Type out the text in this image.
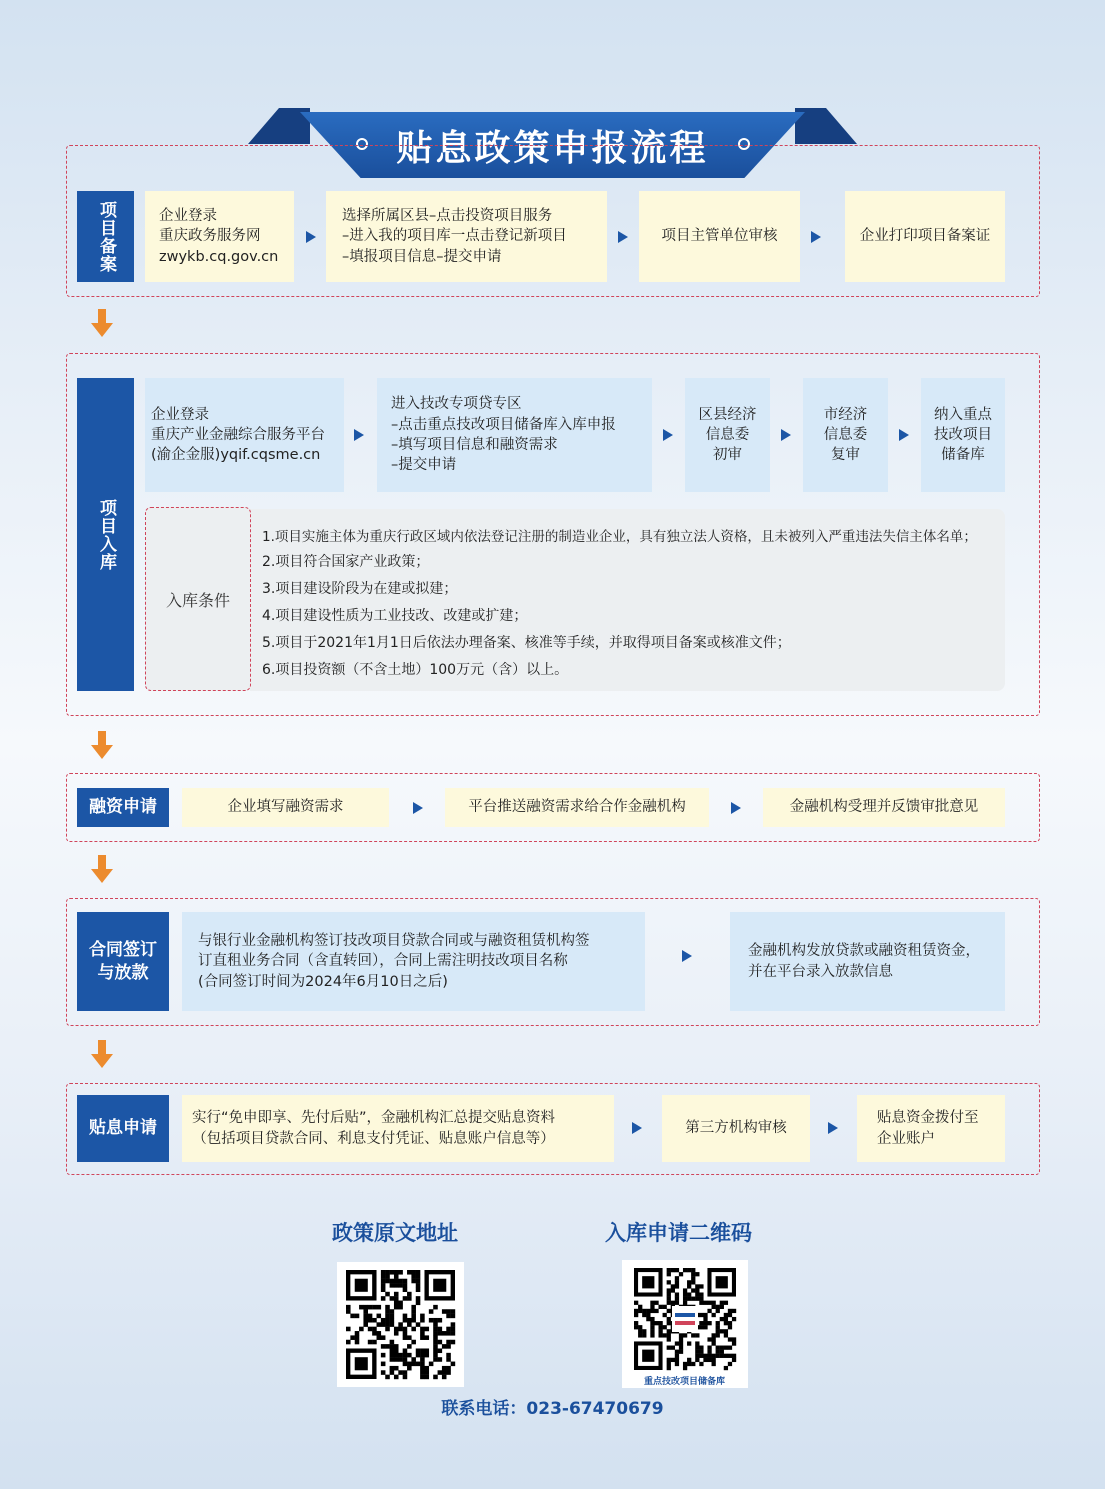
贴息政策申报流程
项目备案	企业登录
重庆政务服务网
zwykb.cq.gov.cn
选择所属区县–点击投资项目服务
–进入我的项目库一点击登记新项目
–填报项目信息–提交申请
项目主管单位审核	企业打印项目备案证
项目入库
企业登录
重庆产业金融综合服务平台
(渝企金服)yqif.cqsme.cn
进入技改专项贷专区
–点击重点技改项目储备库入库申报
–填写项目信息和融资需求
–提交申请
区县经济
信息委
初审
市经济
信息委
复审
纳入重点
技改项目
储备库
入库条件
1.项目实施主体为重庆行政区域内依法登记注册的制造业企业，具有独立法人资格，且未被列入严重违法失信主体名单；
2.项目符合国家产业政策；
3.项目建设阶段为在建或拟建；
4.项目建设性质为工业技改、改建或扩建；
5.项目于2021年1月1日后依法办理备案、核准等手续，并取得项目备案或核准文件；
6.项目投资额（不含土地）100万元（含）以上。
融资申请	企业填写融资需求	平台推送融资需求给合作金融机构	金融机构受理并反馈审批意见
合同签订
与放款
与银行业金融机构签订技改项目贷款合同或与融资租赁机构签
订直租业务合同（含直转回），合同上需注明技改项目名称
(合同签订时间为2024年6月10日之后)
金融机构发放贷款或融资租赁资金，
并在平台录入放款信息
贴息申请	实行“免申即享、先付后贴”，金融机构汇总提交贴息资料
（包括项目贷款合同、利息支付凭证、贴息账户信息等）
第三方机构审核
贴息资金拨付至
企业账户
政策原文地址	入库申请二维码
重点技改项目储备库
联系电话：023-67470679
